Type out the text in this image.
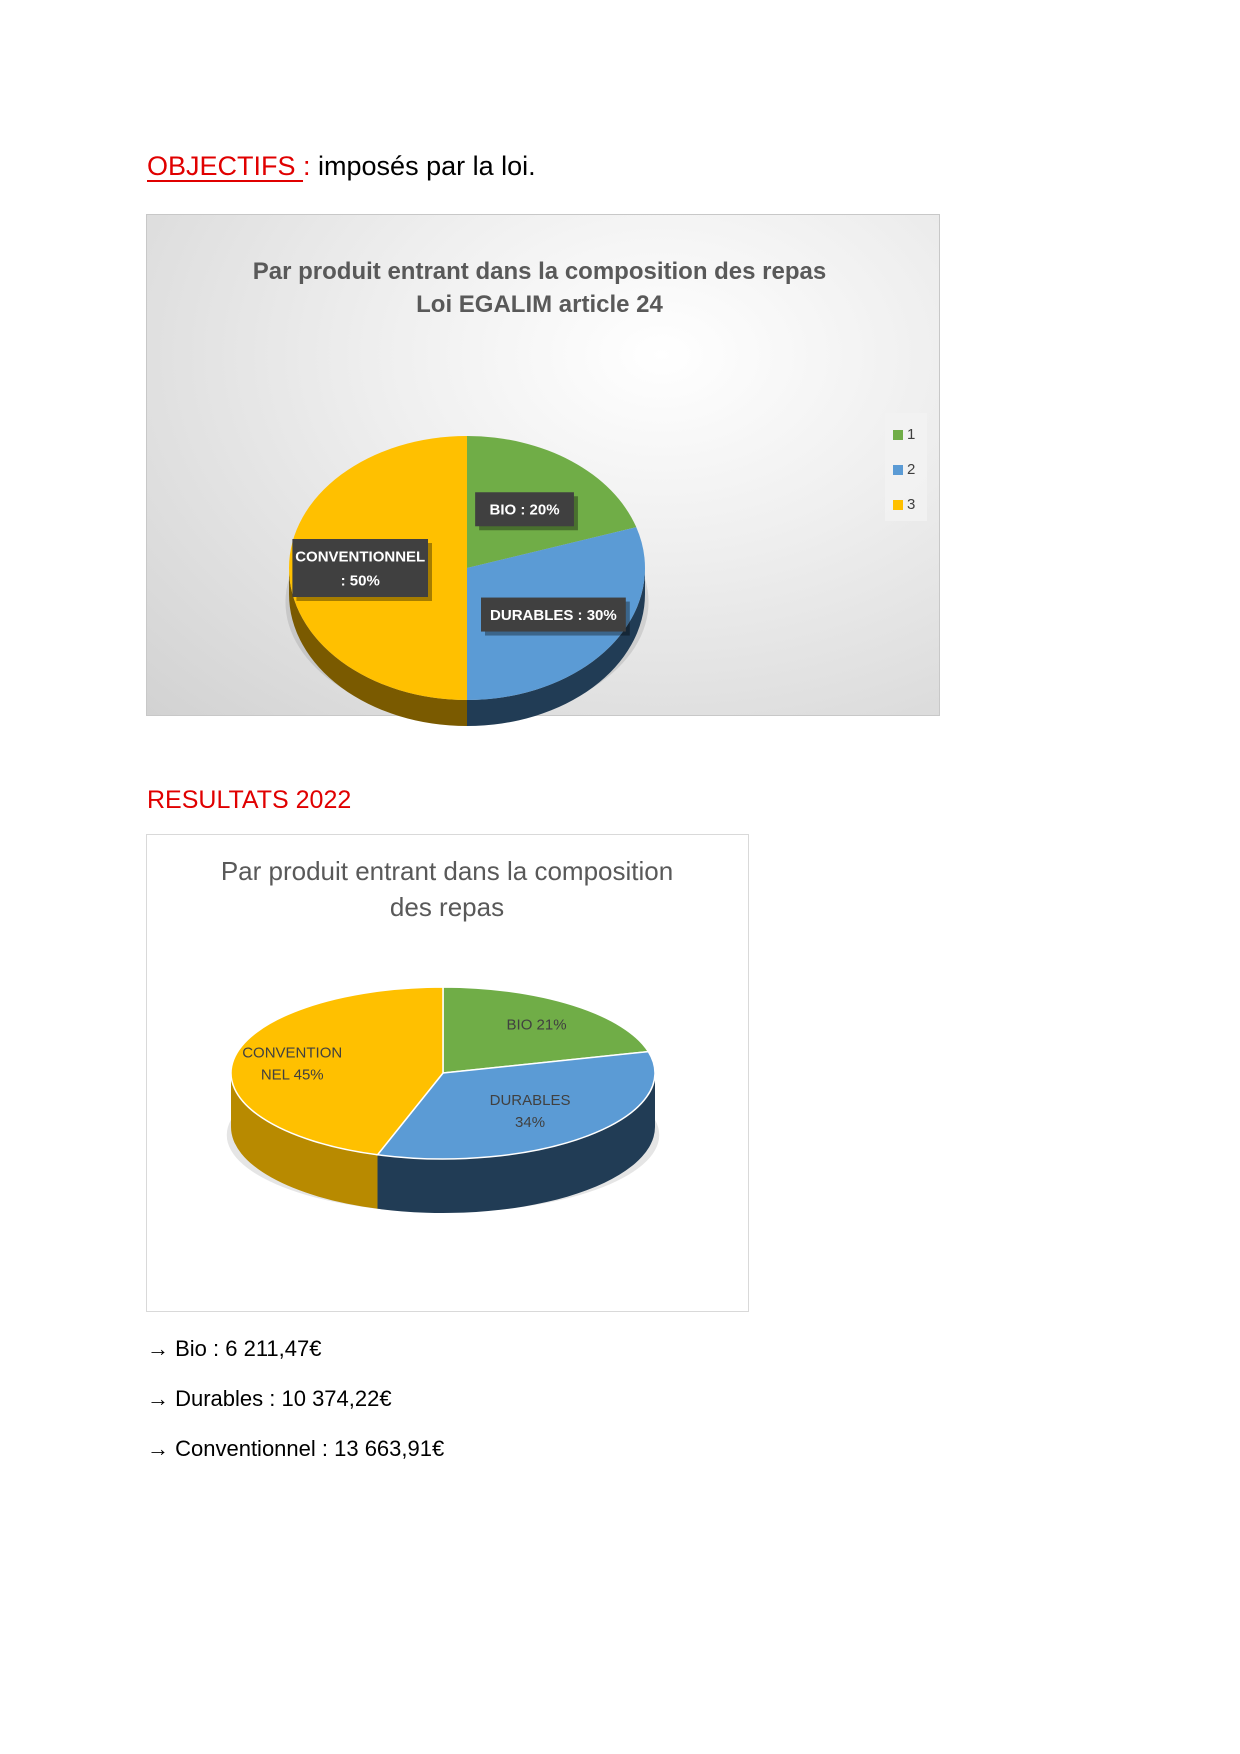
OBJECTIFS : imposés par la loi.
Par produit entrant dans la composition des repas
Loi EGALIM article 24
BIO : 20%
DURABLES : 30%
CONVENTIONNEL
: 50%
1
2
3
RESULTATS 2022
Par produit entrant dans la composition
des repas
BIO 21%
DURABLES
34%
CONVENTION
NEL 45%
→ Bio : 6 211,47€
→ Durables : 10 374,22€
→ Conventionnel : 13 663,91€
